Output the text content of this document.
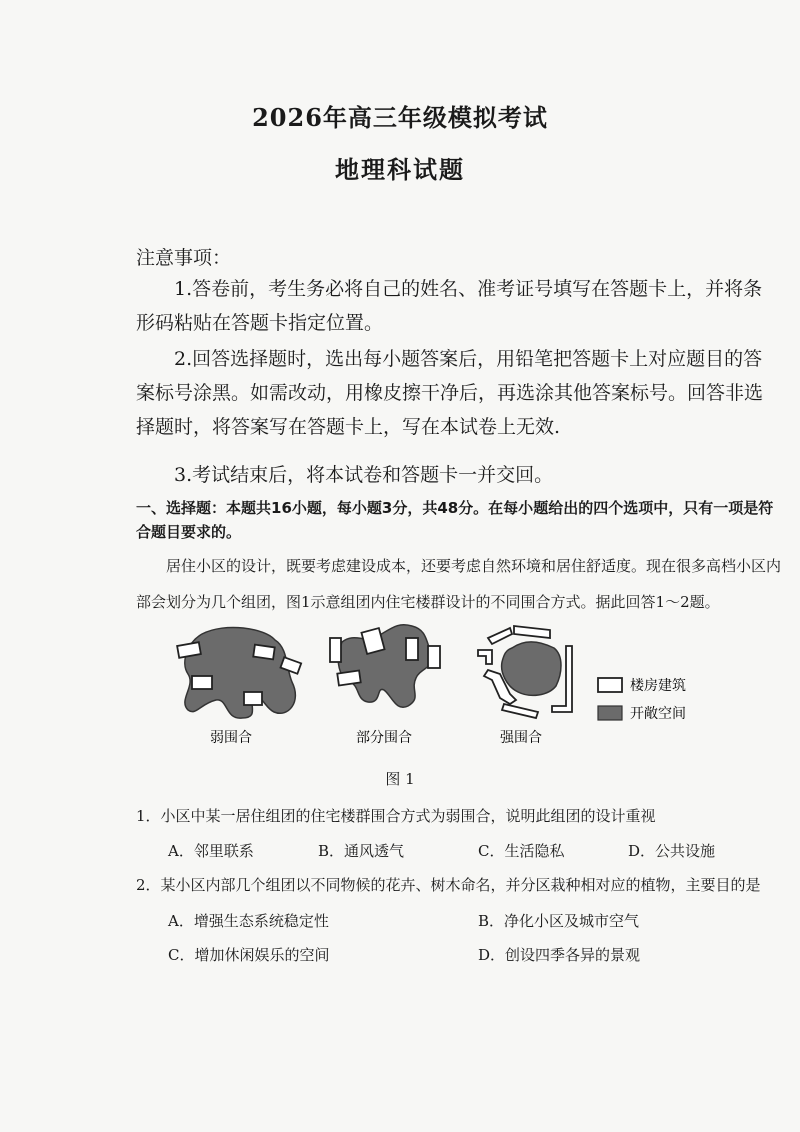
2026年高三年级模拟考试
地理科试题
注意事项：
1.答卷前，考生务必将自己的姓名、准考证号填写在答题卡上，并将条形码粘贴在答题卡指定位置。
2.回答选择题时，选出每小题答案后，用铅笔把答题卡上对应题目的答案标号涂黑。如需改动，用橡皮擦干净后，再选涂其他答案标号。回答非选择题时，将答案写在答题卡上，写在本试卷上无效.
3.考试结束后，将本试卷和答题卡一并交回。
一、选择题：本题共16小题，每小题3分，共48分。在每小题给出的四个选项中，只有一项是符合题目要求的。
居住小区的设计，既要考虑建设成本，还要考虑自然环境和居住舒适度。现在很多高档小区内部会划分为几个组团，图1示意组团内住宅楼群设计的不同围合方式。据此回答1～2题。
弱围合	部分围合	强围合
楼房建筑
开敞空间
图 1
1．小区中某一居住组团的住宅楼群围合方式为弱围合，说明此组团的设计重视
A．邻里联系	B．通风透气	C．生活隐私	D．公共设施
2．某小区内部几个组团以不同物候的花卉、树木命名，并分区栽种相对应的植物，主要目的是
A．增强生态系统稳定性	B．净化小区及城市空气
C．增加休闲娱乐的空间	D．创设四季各异的景观
